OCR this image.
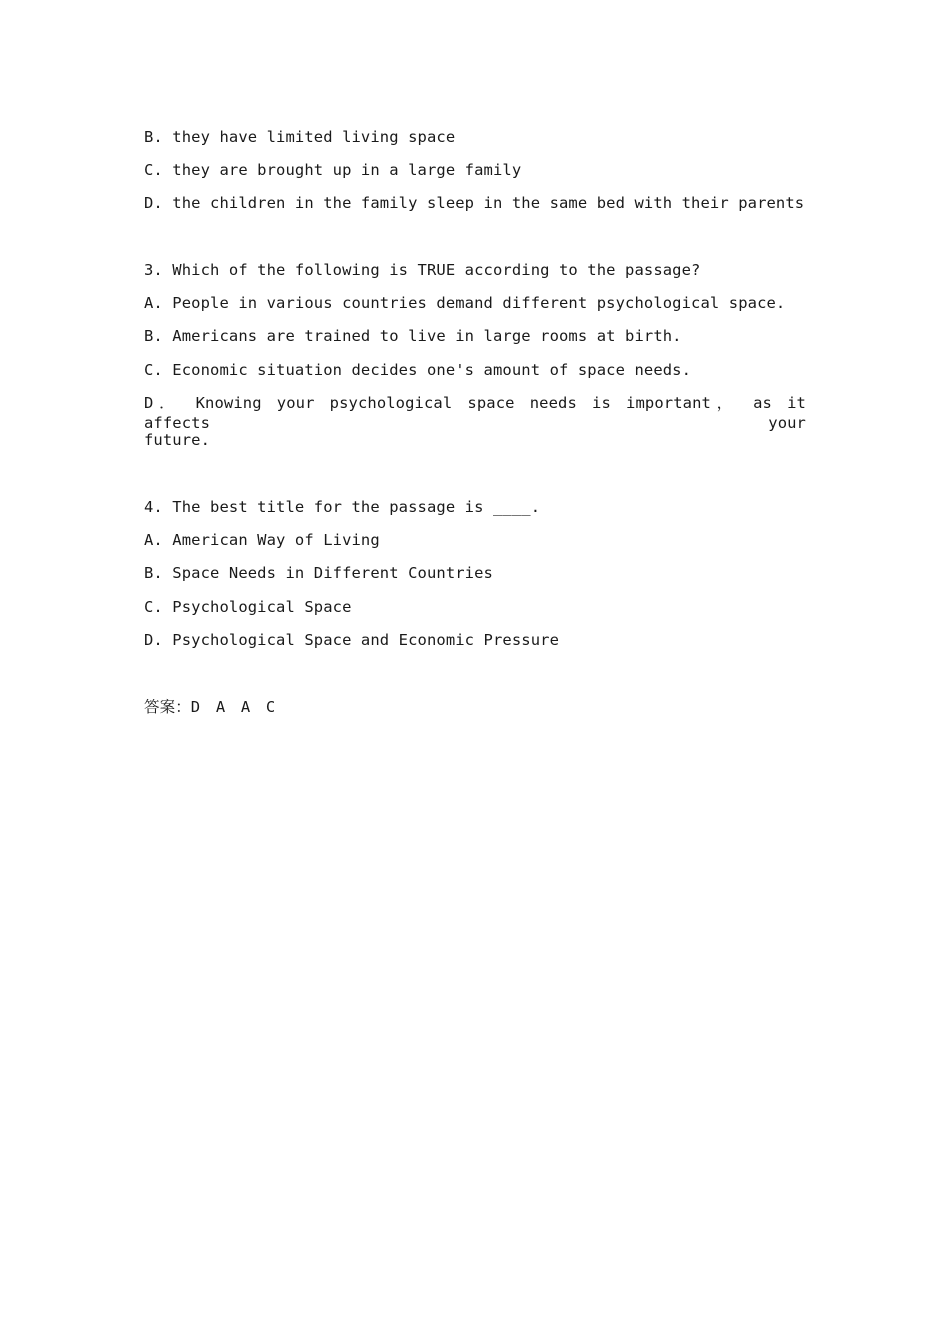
B. they have limited living space
C. they are brought up in a large family
D. the children in the family sleep in the same bed with their parents
3. Which of the following is TRUE according to the passage?
A. People in various countries demand different psychological space.
B. Americans are trained to live in large rooms at birth.
C. Economic situation decides one's amount of space needs.
D． Knowing your psychological space needs is important， as it affects your
future.
4. The best title for the passage is ____.
A. American Way of Living
B. Space Needs in Different Countries
C. Psychological Space
D. Psychological Space and Economic Pressure
答案：D　A　A　C
